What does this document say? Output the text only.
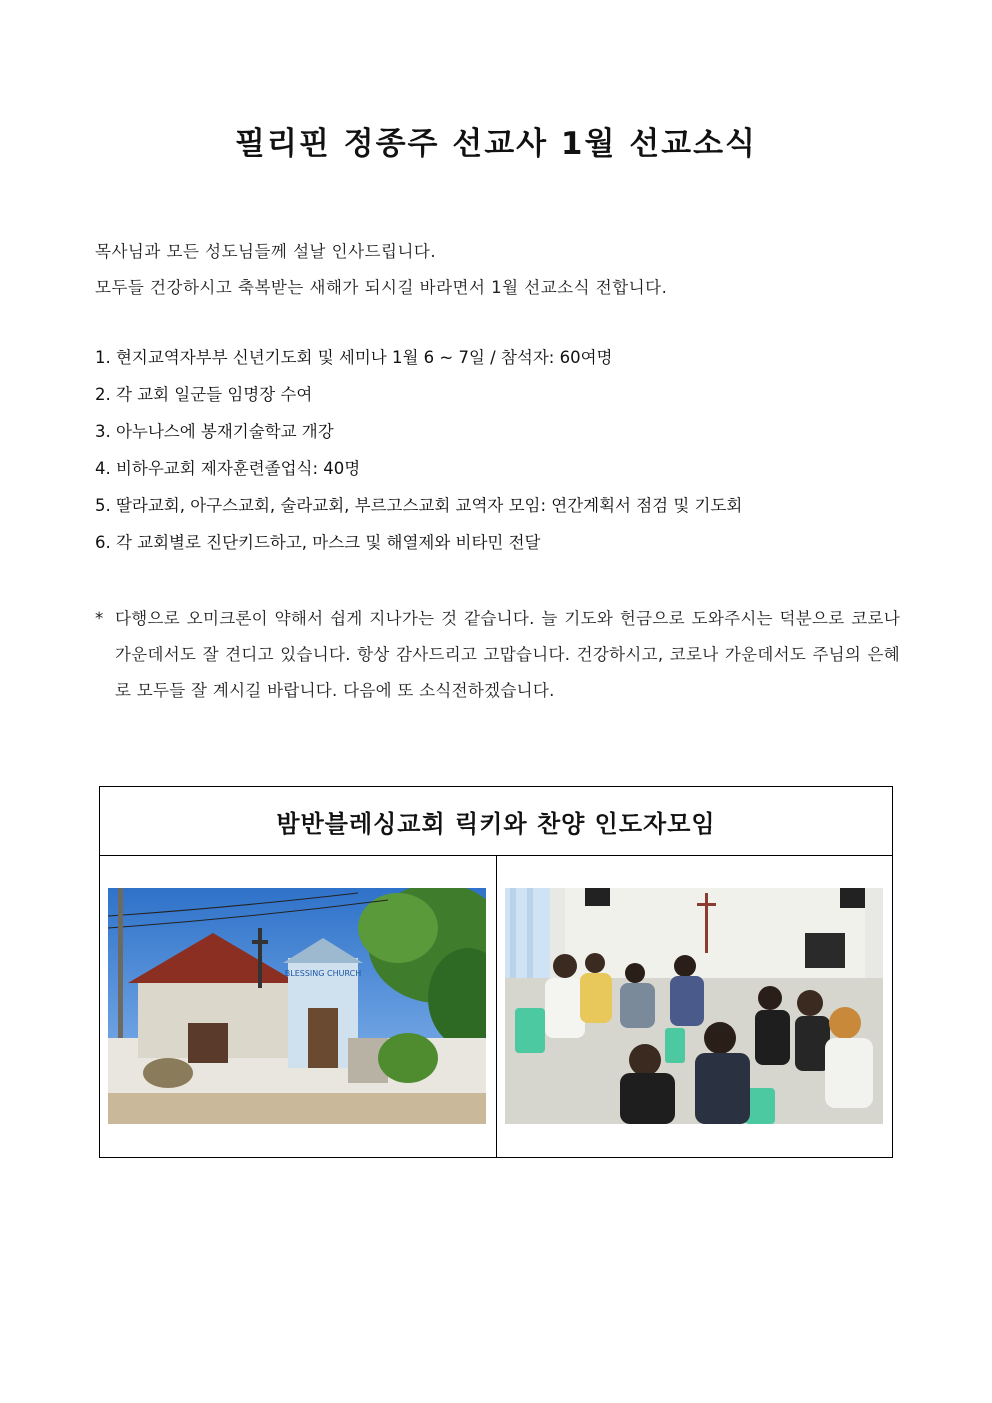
필리핀 정종주 선교사 1월 선교소식

목사님과 모든 성도님들께 설날 인사드립니다.

모두들 건강하시고 축복받는 새해가 되시길 바라면서 1월 선교소식 전합니다.

1. 현지교역자부부 신년기도회 및 세미나 1월 6 ~ 7일 / 참석자: 60여명
2. 각 교회 일군들 임명장 수여
3. 아누나스에 봉재기술학교 개강
4. 비하우교회 제자훈련졸업식: 40명
5. 딸라교회, 아구스교회, 술라교회, 부르고스교회 교역자 모임: 연간계획서 점검 및 기도회
6. 각 교회별로 진단키드하고, 마스크 및 해열제와 비타민 전달
* 다행으로 오미크론이 약해서 쉽게 지나가는 것 같습니다. 늘 기도와 헌금으로 도와주시는 덕분으로 코로나 가운데서도 잘 견디고 있습니다. 항상 감사드리고 고맙습니다. 건강하시고, 코로나 가운데서도 주님의 은혜로 모두들 잘 계시길 바랍니다. 다음에 또 소식전하겠습니다.
밤반블레싱교회 릭키와 찬양 인도자모임

BLESSING CHURCH
